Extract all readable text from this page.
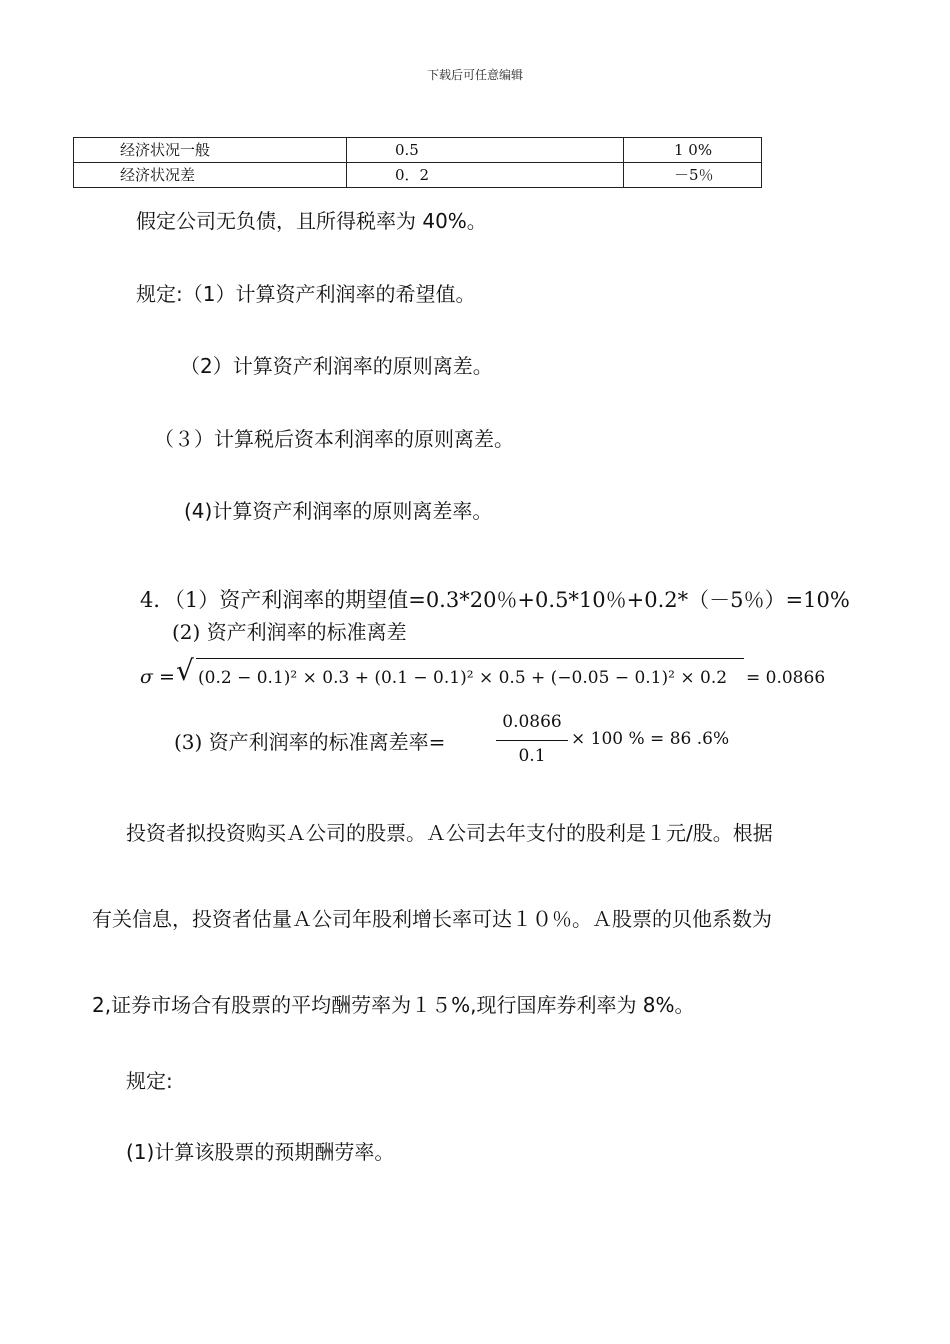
下载后可任意编辑
经济状况一般	0.5	1 0%
经济状况差	0．2	－5％
假定公司无负债，且所得税率为 40%。
规定:（1）计算资产利润率的希望值。
（2）计算资产利润率的原则离差。
（３）计算税后资本利润率的原则离差。
(4)计算资产利润率的原则离差率。
4．（1）资产利润率的期望值=0.3*20％+0.5*10％+0.2*（－5％）=10%
(2) 资产利润率的标准离差
σ = √ (0.2 − 0.1)² × 0.3 + (0.1 − 0.1)² × 0.5 + (−0.05 − 0.1)² × 0.2 = 0.0866
(3) 资产利润率的标准离差率=
0.0866
0.1
× 100 % = 86 .6%
投资者拟投资购买Ａ公司的股票。Ａ公司去年支付的股利是１元/股。根据
有关信息，投资者估量Ａ公司年股利增长率可达１０％。Ａ股票的贝他系数为
2,证券市场合有股票的平均酬劳率为１５%,现行国库券利率为 8%。
规定:
(1)计算该股票的预期酬劳率。
